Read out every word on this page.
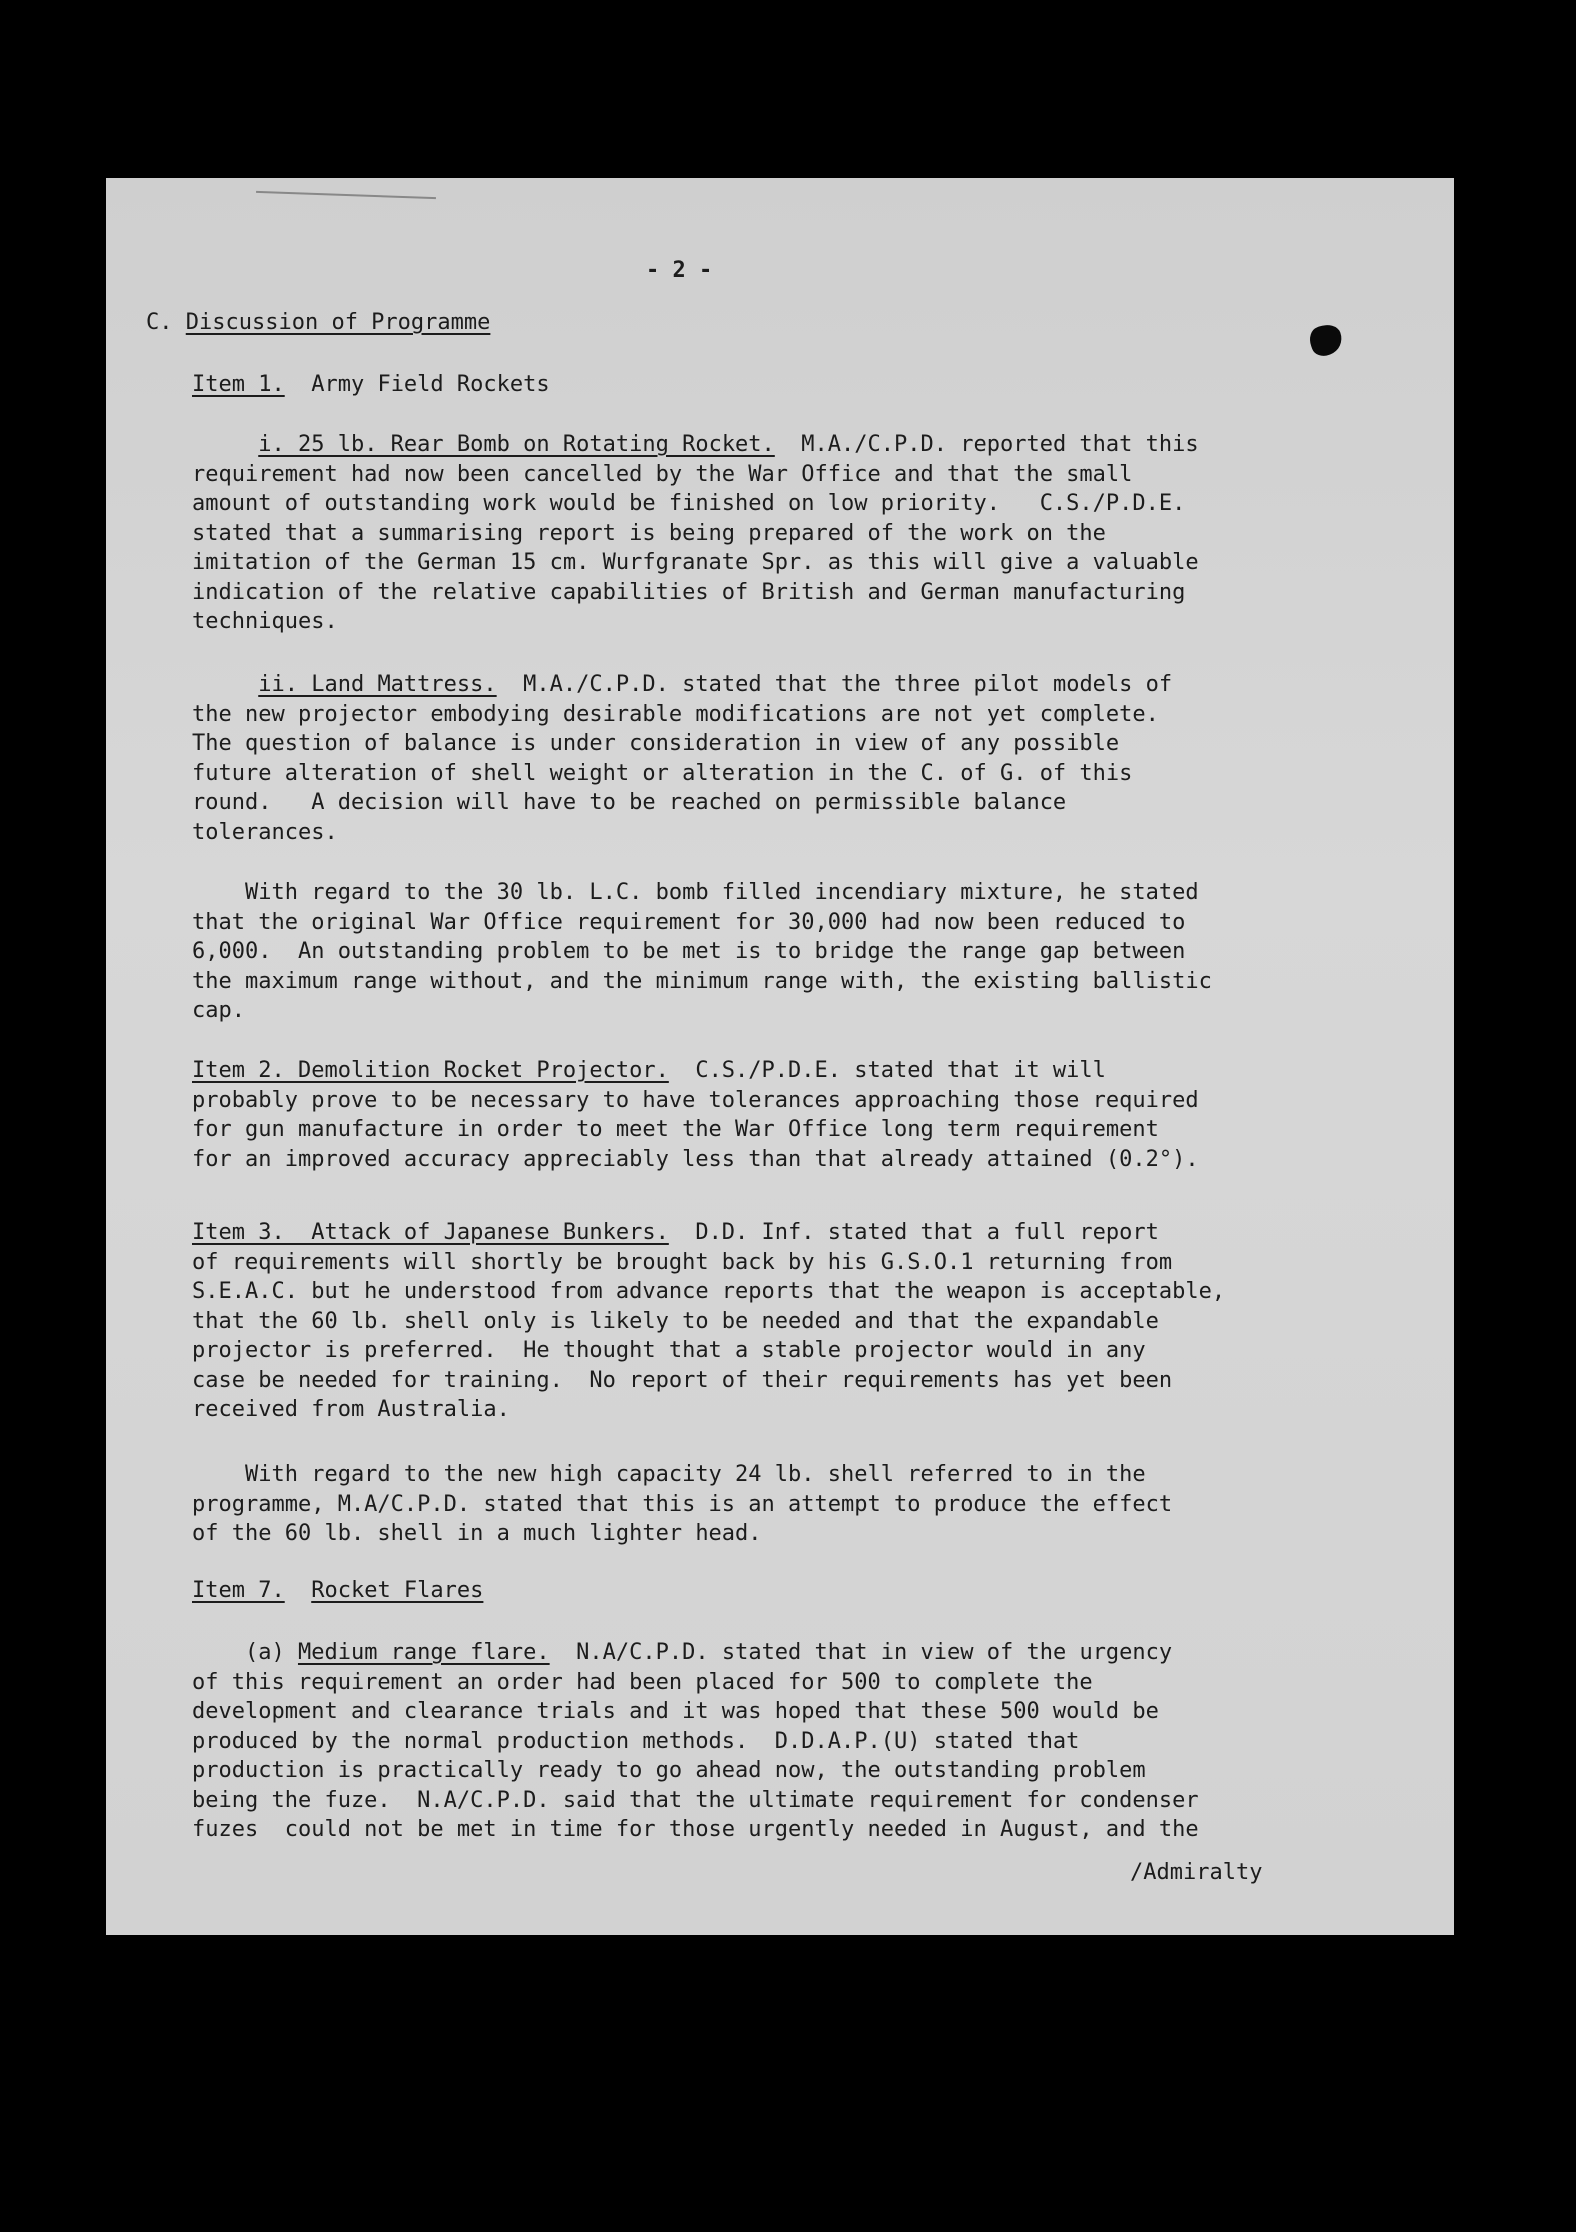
- 2 -

C. Discussion of Programme

Item 1. Army Field Rockets

i. 25 lb. Rear Bomb on Rotating Rocket.  M.A./C.P.D. reported that this
requirement had now been cancelled by the War Office and that the small
amount of outstanding work would be finished on low priority.   C.S./P.D.E.
stated that a summarising report is being prepared of the work on the
imitation of the German 15 cm. Wurfgranate Spr. as this will give a valuable
indication of the relative capabilities of British and German manufacturing
techniques.

ii. Land Mattress.  M.A./C.P.D. stated that the three pilot models of
the new projector embodying desirable modifications are not yet complete.
The question of balance is under consideration in view of any possible
future alteration of shell weight or alteration in the C. of G. of this
round.   A decision will have to be reached on permissible balance
tolerances.

With regard to the 30 lb. L.C. bomb filled incendiary mixture, he stated
that the original War Office requirement for 30,000 had now been reduced to
6,000.  An outstanding problem to be met is to bridge the range gap between
the maximum range without, and the minimum range with, the existing ballistic
cap.

Item 2. Demolition Rocket Projector.  C.S./P.D.E. stated that it will
probably prove to be necessary to have tolerances approaching those required
for gun manufacture in order to meet the War Office long term requirement
for an improved accuracy appreciably less than that already attained (0.2°).

Item 3.  Attack of Japanese Bunkers.  D.D. Inf. stated that a full report
of requirements will shortly be brought back by his G.S.O.1 returning from
S.E.A.C. but he understood from advance reports that the weapon is acceptable,
that the 60 lb. shell only is likely to be needed and that the expandable
projector is preferred.  He thought that a stable projector would in any
case be needed for training.  No report of their requirements has yet been
received from Australia.

With regard to the new high capacity 24 lb. shell referred to in the
programme, M.A/C.P.D. stated that this is an attempt to produce the effect
of the 60 lb. shell in a much lighter head.

Item 7. Rocket Flares

(a) Medium range flare.  N.A/C.P.D. stated that in view of the urgency
of this requirement an order had been placed for 500 to complete the
development and clearance trials and it was hoped that these 500 would be
produced by the normal production methods.  D.D.A.P.(U) stated that
production is practically ready to go ahead now, the outstanding problem
being the fuze.  N.A/C.P.D. said that the ultimate requirement for condenser
fuzes  could not be met in time for those urgently needed in August, and the

/Admiralty
